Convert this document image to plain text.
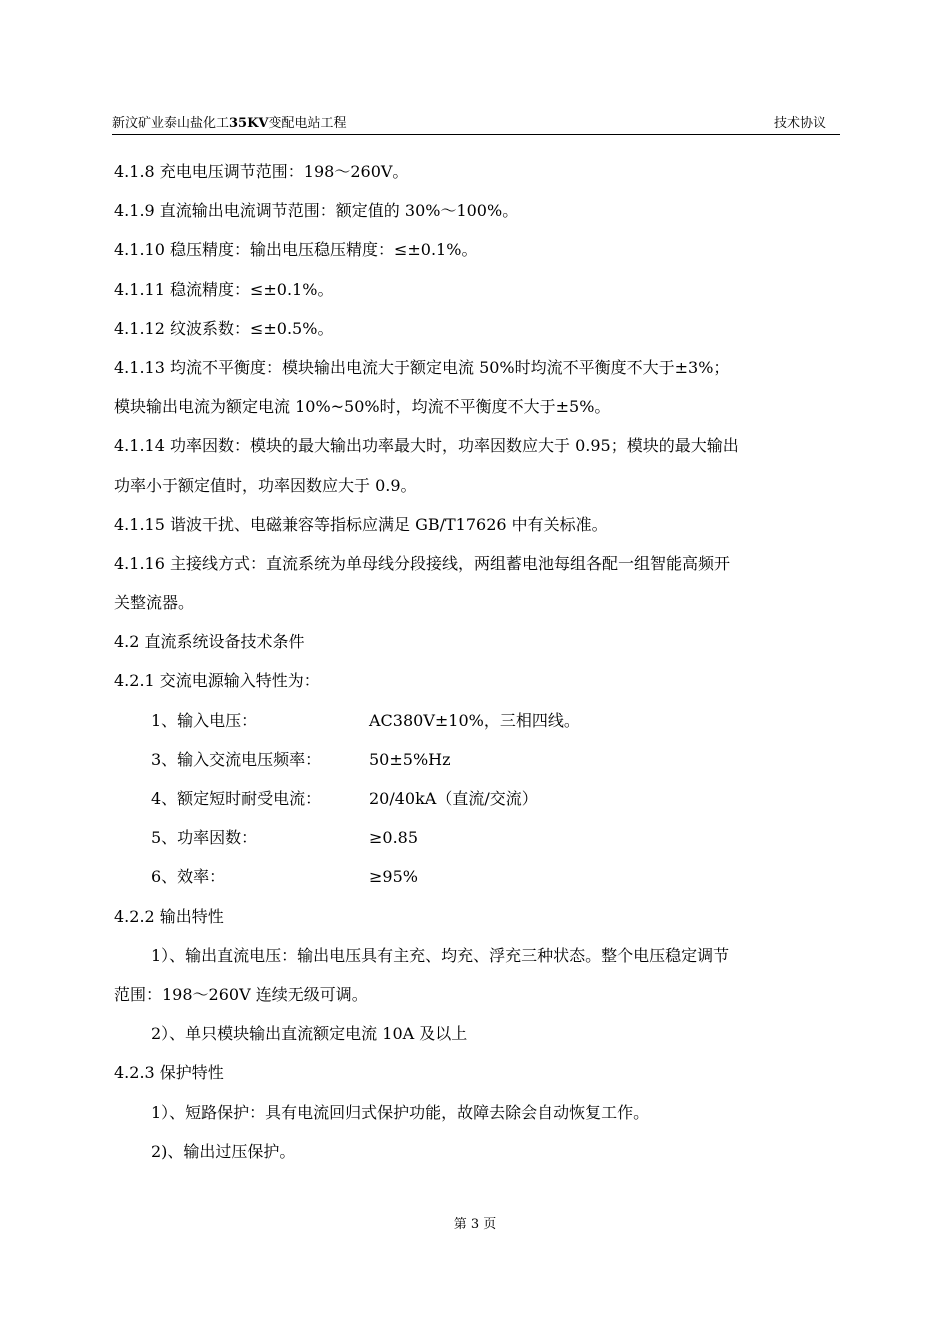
新汶矿业泰山盐化工35KV变配电站工程	技术协议
4.1.8 充电电压调节范围：198～260V。
4.1.9 直流输出电流调节范围：额定值的 30%～100%。
4.1.10 稳压精度：输出电压稳压精度：≤±0.1%。
4.1.11 稳流精度：≤±0.1%。
4.1.12 纹波系数：≤±0.5%。
4.1.13 均流不平衡度：模块输出电流大于额定电流 50%时均流不平衡度不大于±3%；
模块输出电流为额定电流 10%~50%时，均流不平衡度不大于±5%。
4.1.14 功率因数：模块的最大输出功率最大时，功率因数应大于 0.95；模块的最大输出
功率小于额定值时，功率因数应大于 0.9。
4.1.15 谐波干扰、电磁兼容等指标应满足 GB/T17626 中有关标准。
4.1.16 主接线方式：直流系统为单母线分段接线，两组蓄电池每组各配一组智能高频开
关整流器。
4.2 直流系统设备技术条件
4.2.1 交流电源输入特性为：
1、输入电压：	AC380V±10%，三相四线。
3、输入交流电压频率：	50±5%Hz
4、额定短时耐受电流：	20/40kA（直流/交流）
5、功率因数：	≥0.85
6、效率：	≥95%
4.2.2 输出特性
1）、输出直流电压：输出电压具有主充、均充、浮充三种状态。整个电压稳定调节
范围：198～260V 连续无级可调。
2）、单只模块输出直流额定电流 10A 及以上
4.2.3 保护特性
1）、短路保护：具有电流回归式保护功能，故障去除会自动恢复工作。
2)、输出过压保护。
第 3 页
